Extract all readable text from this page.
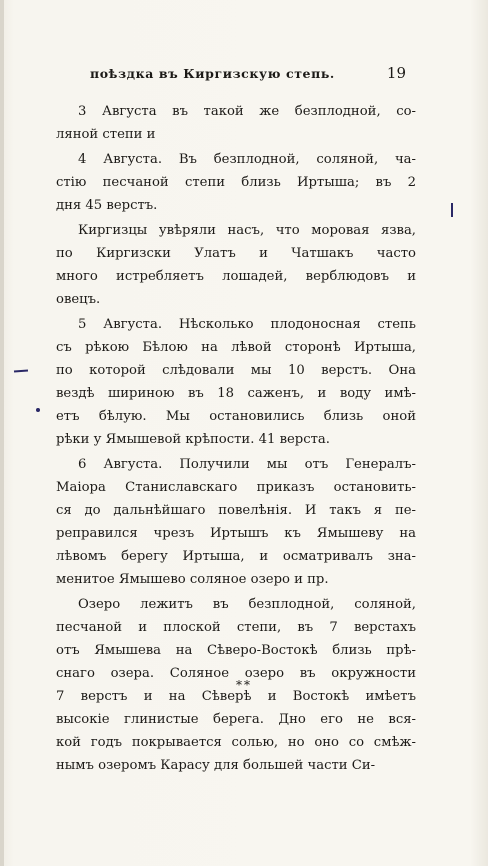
поѣздка въ Киргизскую степь.	19
3 Августа въ такой же безплодной, со-
ляной степи и
4 Августа. Въ безплодной, соляной, ча-
стію песчаной степи близь Иртыша; въ 2
дня 45 верстъ.
Киргизцы увѣряли насъ, что моровая язва,
по Киргизски Улатъ и Чатшакъ часто
много истребляетъ лошадей, верблюдовъ и
овецъ.
5 Августа. Нѣсколько плодоносная степь
съ рѣкою Бѣлою на лѣвой сторонѣ Иртыша,
по которой слѣдовали мы 10 верстъ. Она
вездѣ шириною въ 18 саженъ, и воду имѣ-
етъ бѣлую. Мы остановились близь оной
рѣки у Ямышевой крѣпости. 41 верста.
6 Августа. Получили мы отъ Генералъ-
Маіора Станиславскаго приказъ остановить-
ся до дальнѣйшаго повелѣнія. И такъ я пе-
реправился чрезъ Иртышъ къ Ямышеву на
лѣвомъ берегу Иртыша, и осматривалъ зна-
менитое Ямышево соляное озеро и пр.
Озеро лежитъ въ безплодной, соляной,
песчаной и плоской степи, въ 7 верстахъ
отъ Ямышева на Сѣверо-Востокѣ близь прѣ-
снаго озера. Соляное озеро въ окружности
7 верстъ и на Сѣверѣ и Востокѣ имѣетъ
высокіе глинистые берега. Дно его не вся-
кой годъ покрывается солью, но оно со смѣж-
нымъ озеромъ Карасу для большей части Си-
**
